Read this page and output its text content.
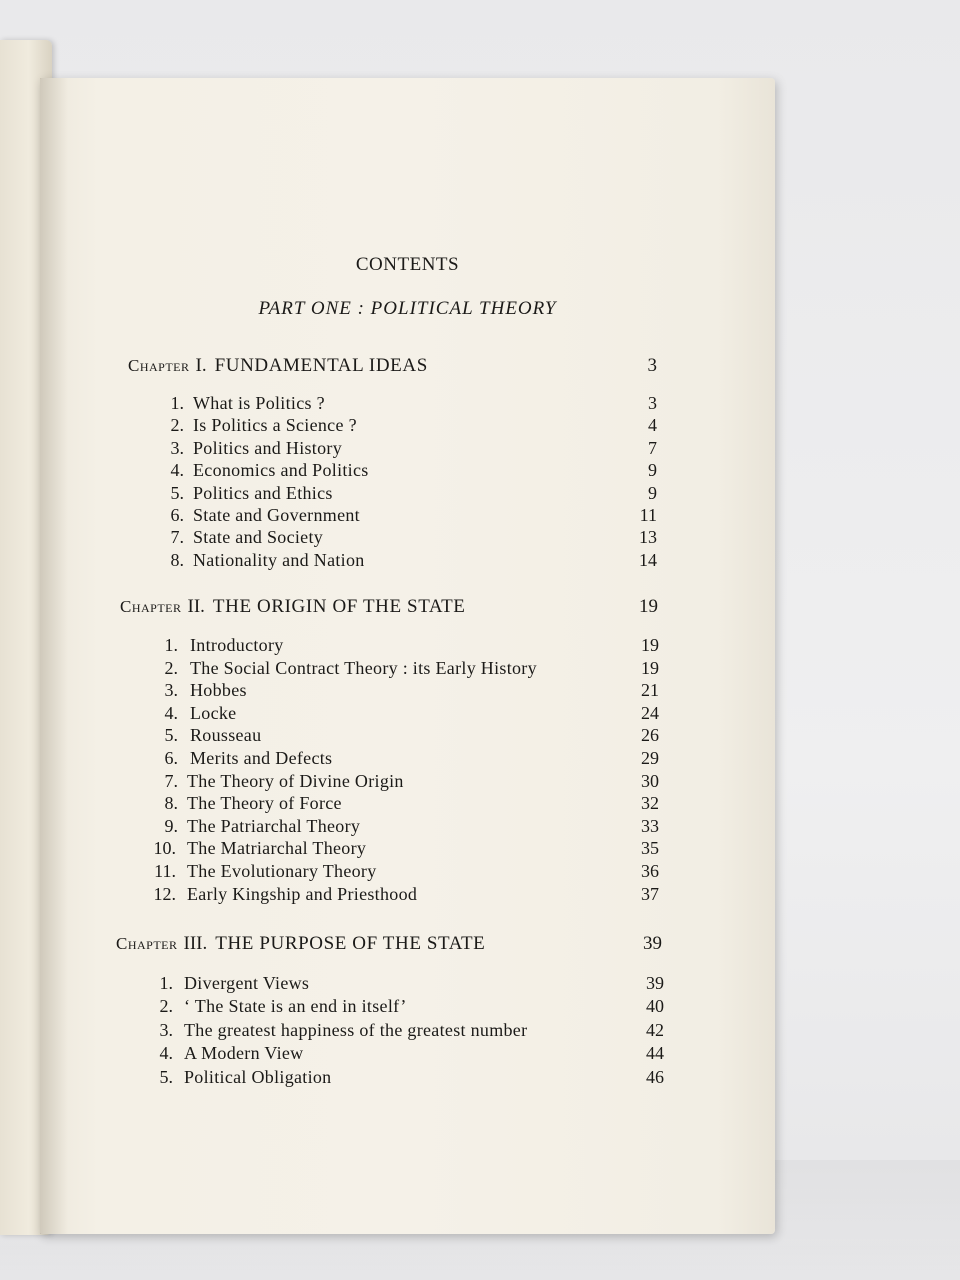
CONTENTS
PART ONE : POLITICAL THEORY
Chapter I. FUNDAMENTAL IDEAS	3
1. What is Politics ?	3
2. Is Politics a Science ?	4
3. Politics and History	7
4. Economics and Politics	9
5. Politics and Ethics	9
6. State and Government	11
7. State and Society	13
8. Nationality and Nation	14
Chapter II. THE ORIGIN OF THE STATE	19
1. Introductory	19
2. The Social Contract Theory : its Early History	19
3. Hobbes	21
4. Locke	24
5. Rousseau	26
6. Merits and Defects	29
7. The Theory of Divine Origin	30
8. The Theory of Force	32
9. The Patriarchal Theory	33
10. The Matriarchal Theory	35
11. The Evolutionary Theory	36
12. Early Kingship and Priesthood	37
Chapter III. THE PURPOSE OF THE STATE	39
1. Divergent Views	39
2. ‘ The State is an end in itself’	40
3. The greatest happiness of the greatest number	42
4. A Modern View	44
5. Political Obligation	46
